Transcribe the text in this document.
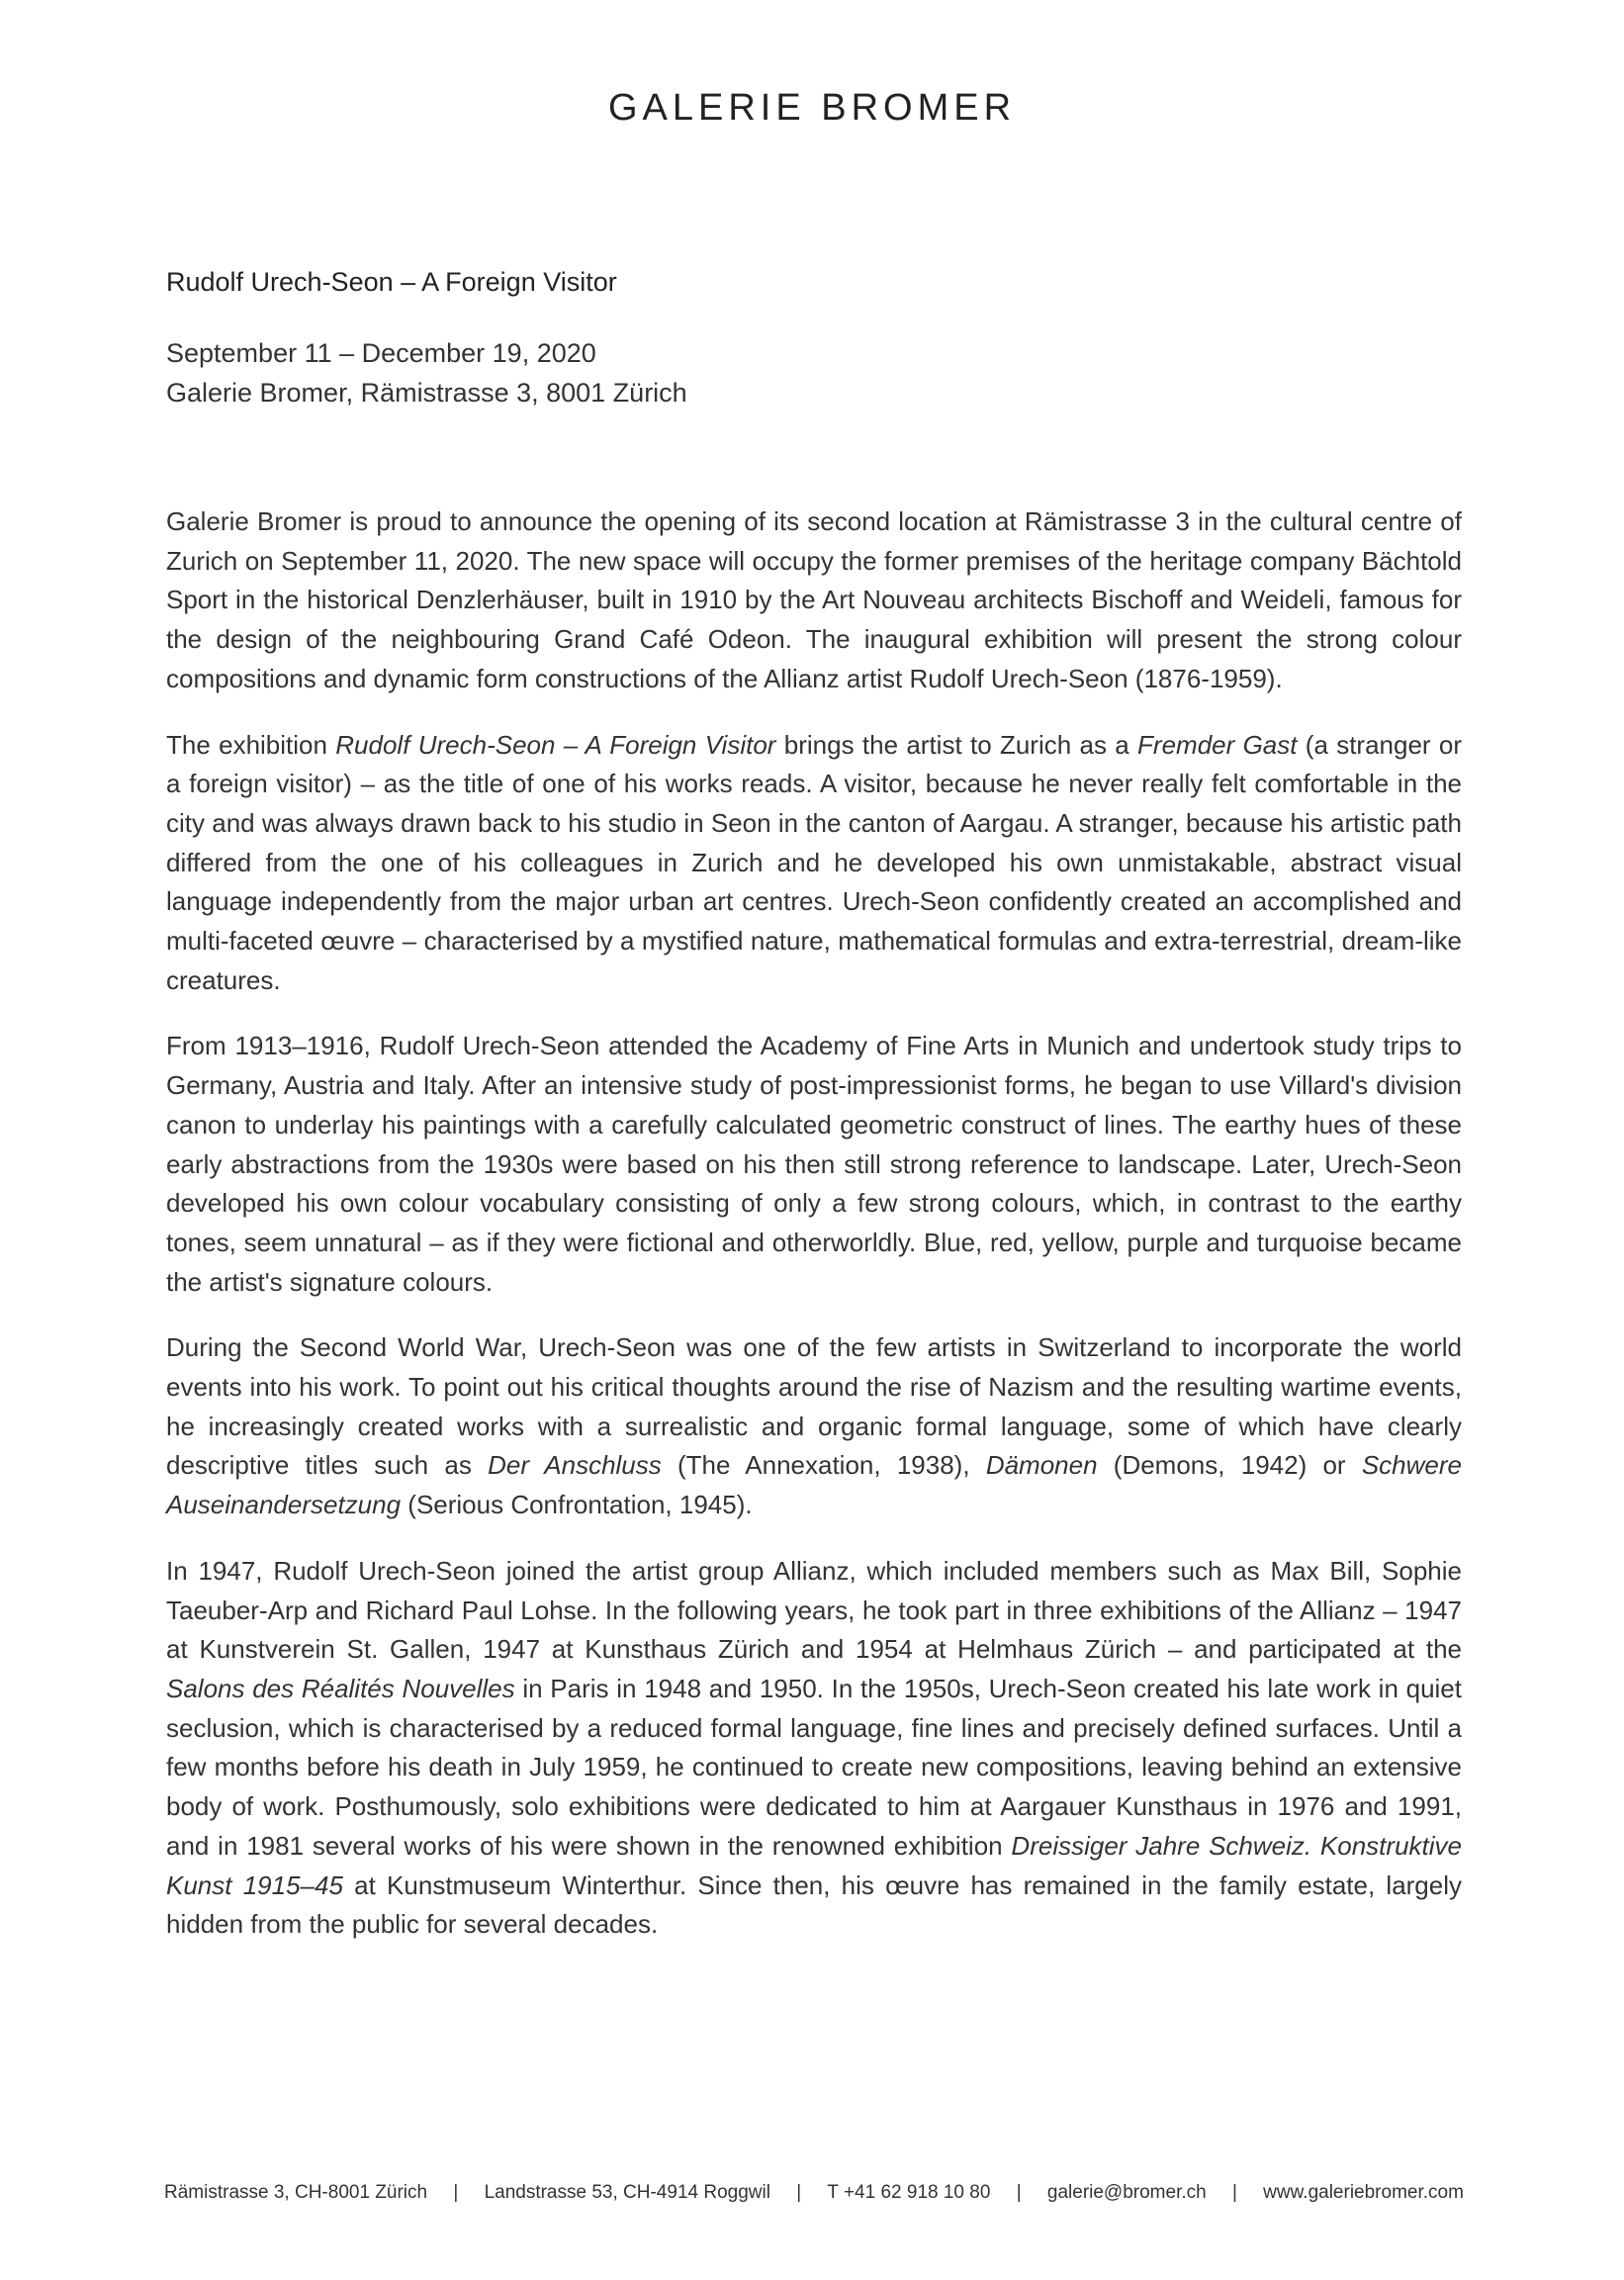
GALERIE BROMER
Rudolf Urech-Seon – A Foreign Visitor
September 11 – December 19, 2020
Galerie Bromer, Rämistrasse 3, 8001 Zürich

Galerie Bromer is proud to announce the opening of its second location at Rämistrasse 3 in the cultural centre of Zurich on September 11, 2020. The new space will occupy the former premises of the heritage company Bächtold Sport in the historical Denzlerhäuser, built in 1910 by the Art Nouveau architects Bischoff and Weideli, famous for the design of the neighbouring Grand Café Odeon. The inaugural exhibition will present the strong colour compositions and dynamic form constructions of the Allianz artist Rudolf Urech-Seon (1876-1959).

The exhibition Rudolf Urech-Seon – A Foreign Visitor brings the artist to Zurich as a Fremder Gast (a stranger or a foreign visitor) – as the title of one of his works reads. A visitor, because he never really felt comfortable in the city and was always drawn back to his studio in Seon in the canton of Aargau. A stranger, because his artistic path differed from the one of his colleagues in Zurich and he developed his own unmistakable, abstract visual language independently from the major urban art centres. Urech-Seon confidently created an accomplished and multi-faceted œuvre – characterised by a mystified nature, mathematical formulas and extra-terrestrial, dream-like creatures.

From 1913–1916, Rudolf Urech-Seon attended the Academy of Fine Arts in Munich and undertook study trips to Germany, Austria and Italy. After an intensive study of post-impressionist forms, he began to use Villard's division canon to underlay his paintings with a carefully calculated geometric construct of lines. The earthy hues of these early abstractions from the 1930s were based on his then still strong reference to landscape. Later, Urech-Seon developed his own colour vocabulary consisting of only a few strong colours, which, in contrast to the earthy tones, seem unnatural – as if they were fictional and otherworldly. Blue, red, yellow, purple and turquoise became the artist's signature colours.

During the Second World War, Urech-Seon was one of the few artists in Switzerland to incorporate the world events into his work. To point out his critical thoughts around the rise of Nazism and the resulting wartime events, he increasingly created works with a surrealistic and organic formal language, some of which have clearly descriptive titles such as Der Anschluss (The Annexation, 1938), Dämonen (Demons, 1942) or Schwere Auseinandersetzung (Serious Confrontation, 1945).

In 1947, Rudolf Urech-Seon joined the artist group Allianz, which included members such as Max Bill, Sophie Taeuber-Arp and Richard Paul Lohse. In the following years, he took part in three exhibitions of the Allianz – 1947 at Kunstverein St. Gallen, 1947 at Kunsthaus Zürich and 1954 at Helmhaus Zürich – and participated at the Salons des Réalités Nouvelles in Paris in 1948 and 1950. In the 1950s, Urech-Seon created his late work in quiet seclusion, which is characterised by a reduced formal language, fine lines and precisely defined surfaces. Until a few months before his death in July 1959, he continued to create new compositions, leaving behind an extensive body of work. Posthumously, solo exhibitions were dedicated to him at Aargauer Kunsthaus in 1976 and 1991, and in 1981 several works of his were shown in the renowned exhibition Dreissiger Jahre Schweiz. Konstruktive Kunst 1915–45 at Kunstmuseum Winterthur. Since then, his œuvre has remained in the family estate, largely hidden from the public for several decades.

Rämistrasse 3, CH-8001 Zürich | Landstrasse 53, CH-4914 Roggwil | T +41 62 918 10 80 | galerie@bromer.ch | www.galeriebromer.com
